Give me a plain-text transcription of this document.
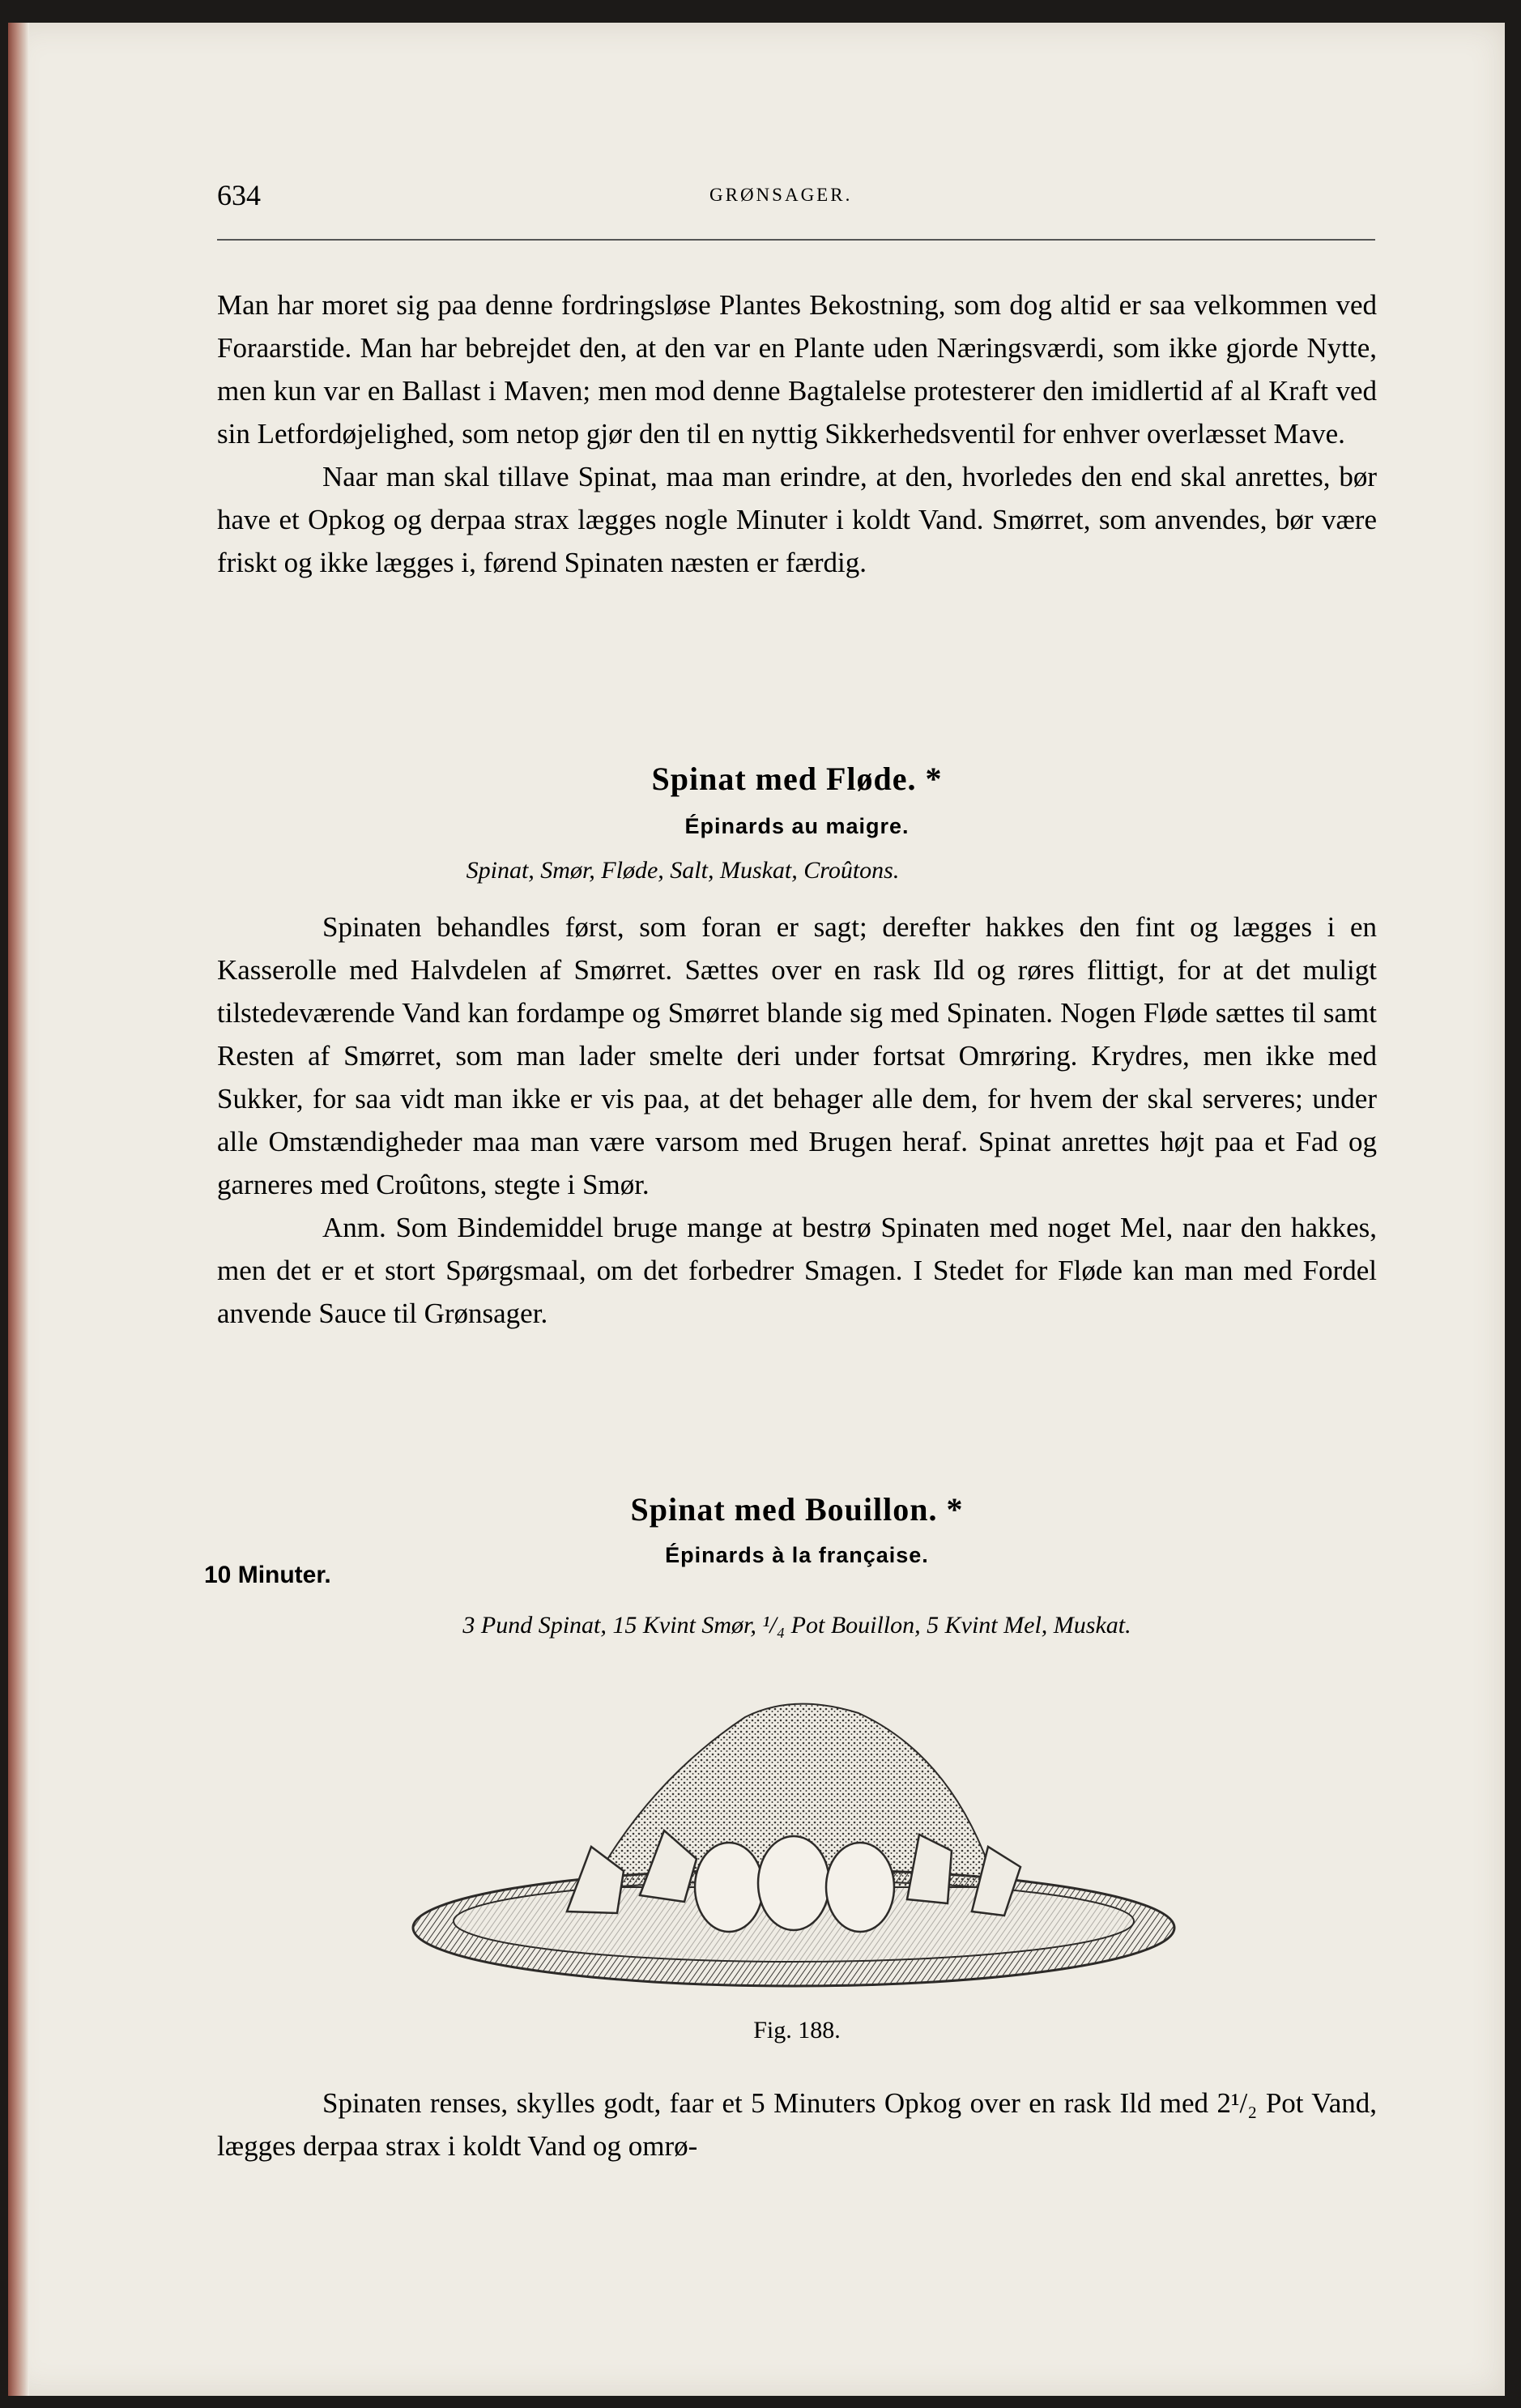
634	GRØNSAGER.

Man har moret sig paa denne fordringsløse Plantes Bekostning, som dog altid er saa velkommen ved Foraarstide. Man har bebrejdet den, at den var en Plante uden Næringsværdi, som ikke gjorde Nytte, men kun var en Ballast i Maven; men mod denne Bagtalelse protesterer den imidlertid af al Kraft ved sin Letfordøjelighed, som netop gjør den til en nyttig Sikkerhedsventil for enhver overlæsset Mave.

Naar man skal tillave Spinat, maa man erindre, at den, hvorledes den end skal anrettes, bør have et Opkog og derpaa strax lægges nogle Minuter i koldt Vand. Smørret, som anvendes, bør være friskt og ikke lægges i, førend Spinaten næsten er færdig.

Spinat med Fløde. *
Épinards au maigre.
Spinat, Smør, Fløde, Salt, Muskat, Croûtons.

Spinaten behandles først, som foran er sagt; derefter hakkes den fint og lægges i en Kasserolle med Halvdelen af Smørret. Sættes over en rask Ild og røres flittigt, for at det muligt tilstedeværende Vand kan fordampe og Smørret blande sig med Spinaten. Nogen Fløde sættes til samt Resten af Smørret, som man lader smelte deri under fortsat Omrøring. Krydres, men ikke med Sukker, for saa vidt man ikke er vis paa, at det behager alle dem, for hvem der skal serveres; under alle Omstændigheder maa man være varsom med Brugen heraf. Spinat anrettes højt paa et Fad og garneres med Croûtons, stegte i Smør.

Anm. Som Bindemiddel bruge mange at bestrø Spinaten med noget Mel, naar den hakkes, men det er et stort Spørgsmaal, om det forbedrer Smagen. I Stedet for Fløde kan man med Fordel anvende Sauce til Grønsager.

Spinat med Bouillon. *
Épinards à la française.
10 Minuter.
3 Pund Spinat, 15 Kvint Smør, ¹/₄ Pot Bouillon, 5 Kvint Mel, Muskat.
Fig. 188.

Spinaten renses, skylles godt, faar et 5 Minuters Opkog over en rask Ild med 2¹/₂ Pot Vand, lægges derpaa strax i koldt Vand og omrø-
